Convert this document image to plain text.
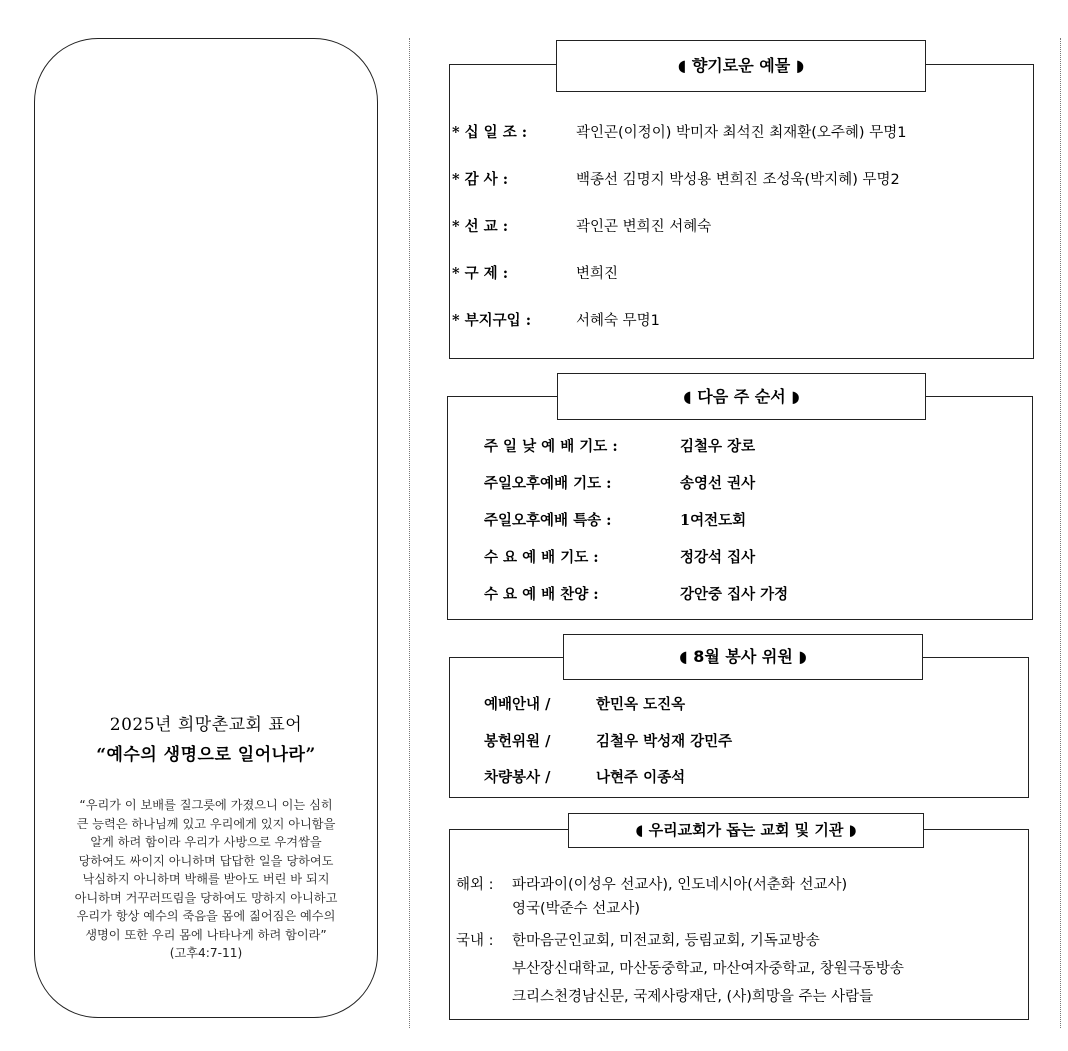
2025년 희망촌교회 표어
“예수의 생명으로 일어나라”
“우리가 이 보배를 질그릇에 가졌으니 이는 심히
큰 능력은 하나님께 있고 우리에게 있지 아니함을
알게 하려 함이라 우리가 사방으로 우겨쌈을
당하여도 싸이지 아니하며 답답한 일을 당하여도
낙심하지 아니하며 박해를 받아도 버린 바 되지
아니하며 거꾸러뜨림을 당하여도 망하지 아니하고
우리가 항상 예수의 죽음을 몸에 짊어짐은 예수의
생명이 또한 우리 몸에 나타나게 하려 함이라”
(고후4:7-11)
◖ 향기로운 예물 ◗
* 십 일 조 :	곽인곤(이정이) 박미자 최석진 최재환(오주혜) 무명1
* 감 사 :	백종선 김명지 박성용 변희진 조성욱(박지혜) 무명2
* 선 교 :	곽인곤 변희진 서혜숙
* 구 제 :	변희진
* 부지구입 :	서혜숙 무명1
◖ 다음 주 순서 ◗
주 일 낮 예 배 기도 :	김철우 장로
주일오후예배 기도 :	송영선 권사
주일오후예배 특송 :	1여전도회
수 요 예 배 기도 :	정강석 집사
수 요 예 배 찬양 :	강안중 집사 가정
◖ 8월 봉사 위원 ◗
예배안내 /	한민옥 도진옥
봉헌위원 /	김철우 박성재 강민주
차량봉사 /	나현주 이종석
◖ 우리교회가 돕는 교회 및 기관 ◗
해외 : 파라과이(이성우 선교사), 인도네시아(서춘화 선교사)
영국(박준수 선교사)
국내 : 한마음군인교회, 미전교회, 등림교회, 기독교방송
부산장신대학교, 마산동중학교, 마산여자중학교, 창원극동방송
크리스천경남신문, 국제사랑재단, (사)희망을 주는 사람들
